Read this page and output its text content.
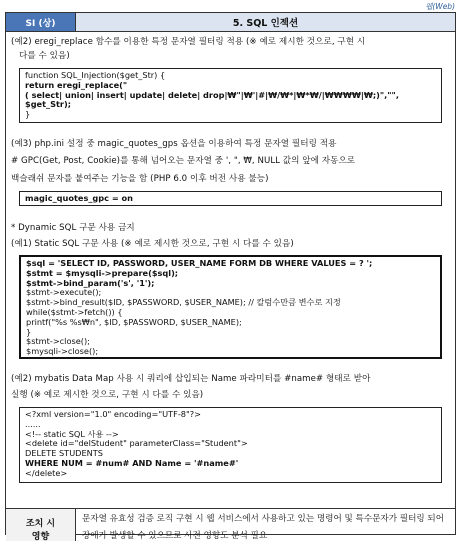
웹(Web)
SI (상)	5. SQL 인젝션
(예2) eregi_replace 함수를 이용한 특정 문자열 필터링 적용 (※ 예로 제시한 것으로, 구현 시
다를 수 있음)
function SQL_Injection($get_Str) {
return eregi_replace("
( select| union| insert| update| delete| drop|₩"|₩'|#|₩/₩*|₩*₩/|₩₩₩₩|₩;)","",
$get_Str);
}
(예3) php.ini 설정 중 magic_quotes_gps 옵션을 이용하여 특정 문자열 필터링 적용
# GPC(Get, Post, Cookie)를 통해 넘어오는 문자열 중 ', ", ₩, NULL 값의 앞에 자동으로
백슬래쉬 문자를 붙여주는 기능을 함 (PHP 6.0 이후 버전 사용 불능)
magic_quotes_gpc = on
* Dynamic SQL 구문 사용 금지
(예1) Static SQL 구문 사용 (※ 예로 제시한 것으로, 구현 시 다를 수 있음)
$sql = 'SELECT ID, PASSWORD, USER_NAME FORM DB WHERE VALUES = ? ';
$stmt = $mysqli->prepare($sql);
$stmt->bind_param('s', '1');
$stmt->execute();
$stmt->bind_result($ID, $PASSWORD, $USER_NAME); // 칼럼수만큼 변수로 지정
while($stmt->fetch()) {
printf("%s %s₩n", $ID, $PASSWORD, $USER_NAME);
}
$stmt->close();
$mysqli->close();
(예2) mybatis Data Map 사용 시 쿼리에 삽입되는 Name 파라미터를 #name# 형태로 받아
실행 (※ 예로 제시한 것으로, 구현 시 다를 수 있음)
<?xml version="1.0" encoding="UTF-8"?>
......
<!-- static SQL 사용 -->
<delete id="delStudent" parameterClass="Student">
DELETE STUDENTS
WHERE NUM = #num# AND Name = '#name#'
</delete>
조치 시
영향
문자열 유효성 검증 로직 구현 시 웹 서비스에서 사용하고 있는 명령어 및 특수문자가 필터링 되어 장애가 발생할 수 있으므로 사전 영향도 분석 필요
